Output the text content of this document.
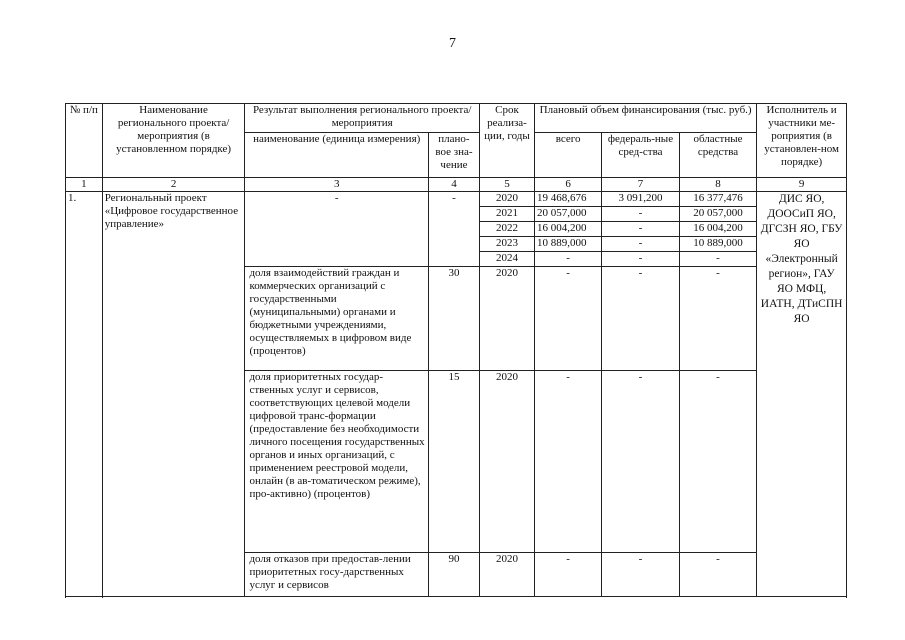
7
№ п/п	Наименование регионального проекта/ мероприятия (в установленном порядке)	Результат выполнения регионального проекта/ мероприятия		Срок реализа-ции, годы	Плановый объем финансирования (тыс. руб.)			Исполнитель и участники ме-роприятия (в установлен-ном порядке)
		наименование (единица измерения)	плано-вое зна-чение		всего	федераль-ные сред-ства	областные средства	
1	2	3	4	5	6	7	8	9
1.	Региональный проект «Цифровое государственное управление»	-	-	2020	19 468,676	3 091,200	16 377,476	ДИС ЯО, ДООСиП ЯО, ДГСЗН ЯО, ГБУ ЯО «Электронный регион», ГАУ ЯО МФЦ, ИАТН, ДТиСПН ЯО
				2021	20 057,000	-	20 057,000	
				2022	16 004,200	-	16 004,200	
				2023	10 889,000	-	10 889,000	
				2024	-	-	-	
		доля взаимодействий граждан и коммерческих организаций с государственными (муниципальными) органами и бюджетными учреждениями, осуществляемых в цифровом виде (процентов)	30	2020	-	-	-	
		доля приоритетных государ-ственных услуг и сервисов, соответствующих целевой модели цифровой транс-формации (предоставление без необходимости личного посещения государственных органов и иных организаций, с применением реестровой модели, онлайн (в ав-томатическом режиме), про-активно) (процентов)	15	2020	-	-	-	
		доля отказов при предостав-лении приоритетных госу-дарственных услуг и сервисов	90	2020	-	-	-	
